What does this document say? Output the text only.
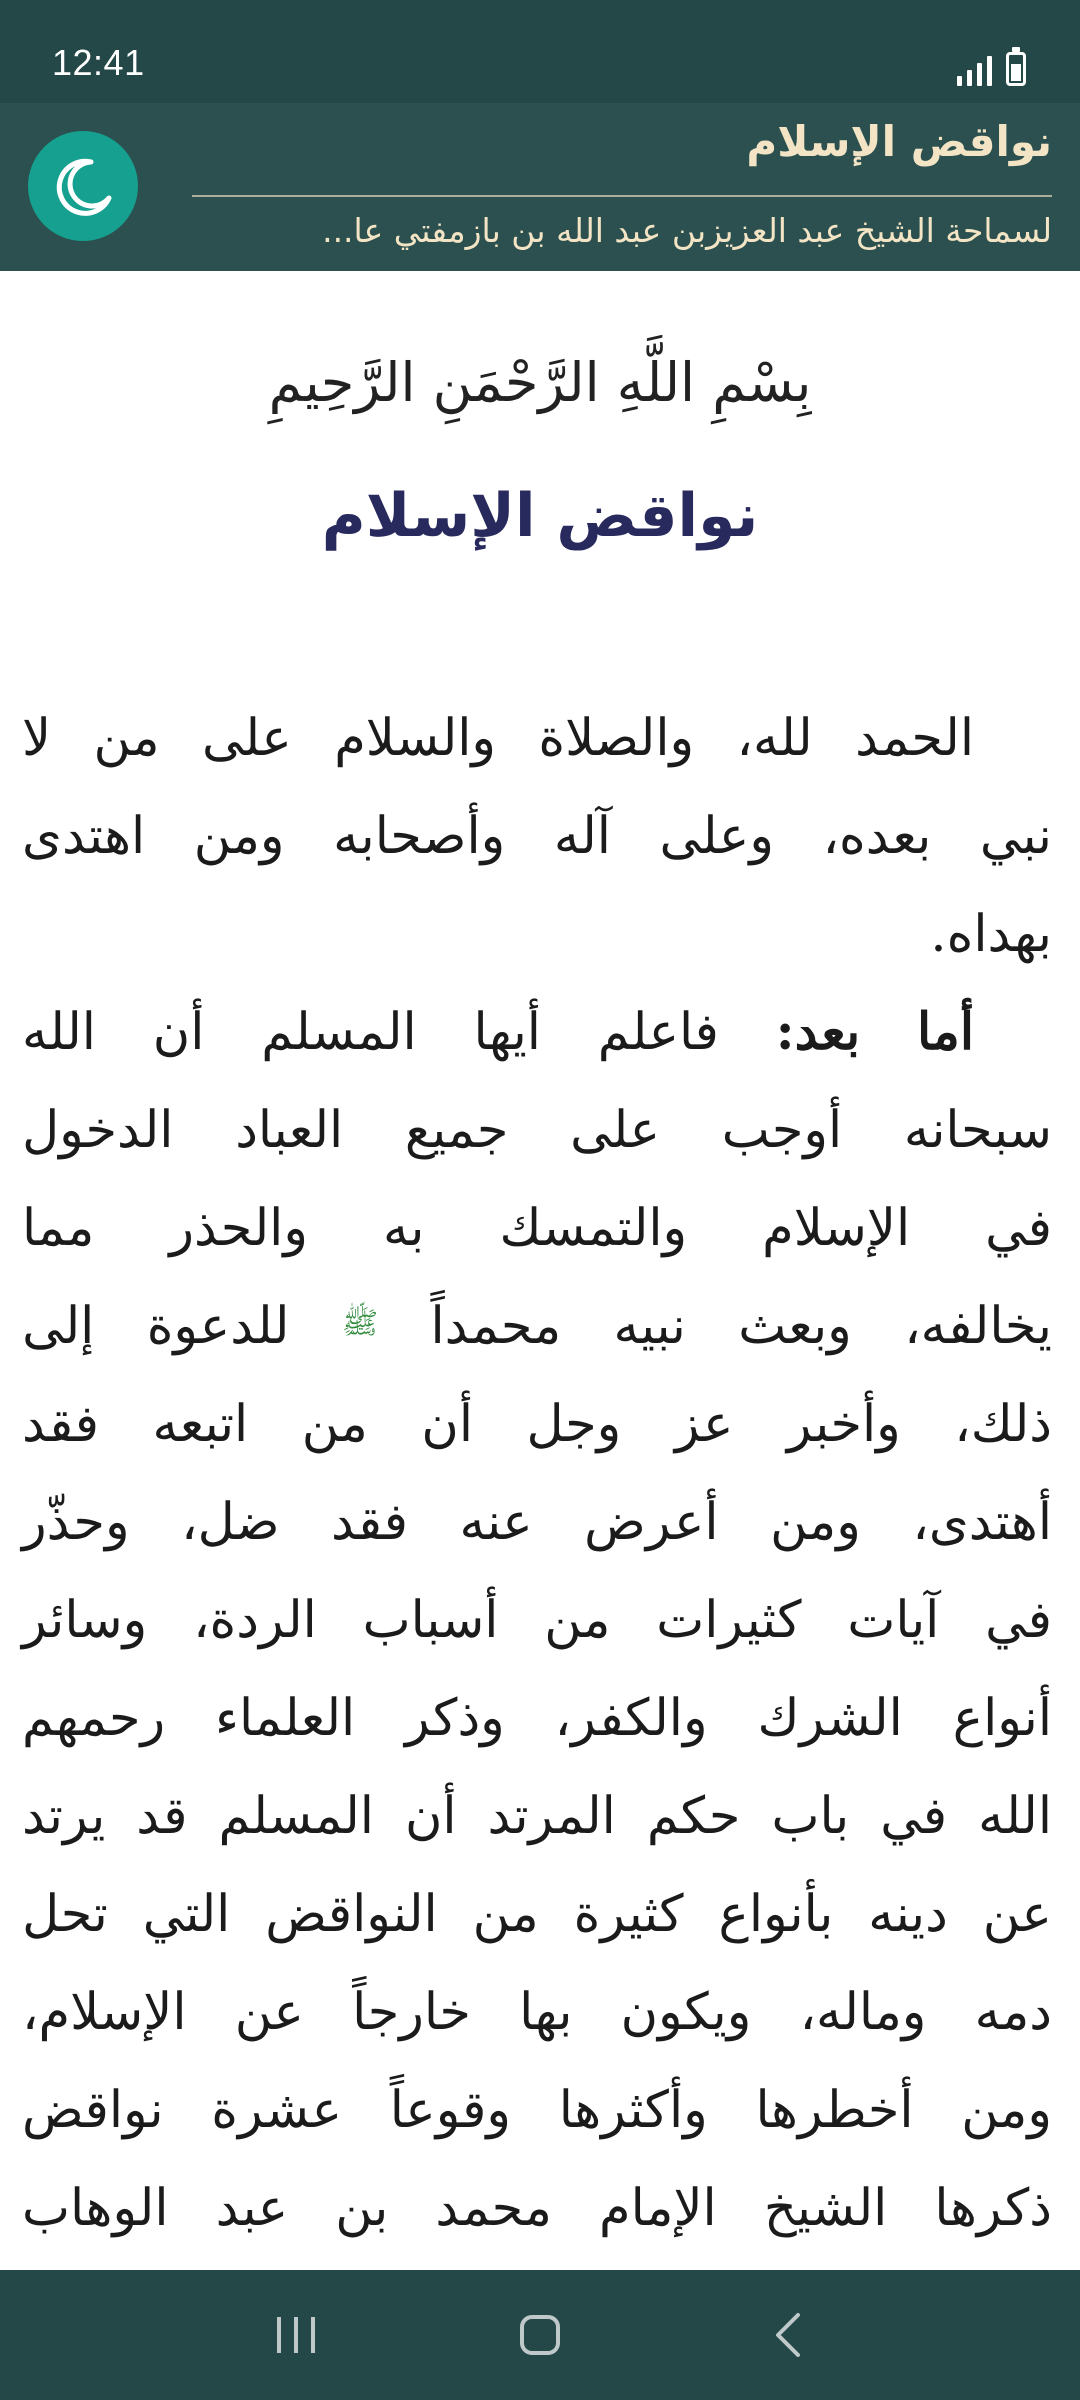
12:41
نواقض الإسلام
لسماحة الشيخ عبد العزيزبن عبد الله بن بازمفتي عا...
بِسْمِ اللَّهِ الرَّحْمَنِ الرَّحِيمِ
نواقض الإسلام
الحمد
لله،
والصلاة
والسلام
على
من
لا
نبي
بعده،
وعلى
آله
وأصحابه
ومن
اهتدى
بهداه.
أما
بعد:
فاعلم
أيها
المسلم
أن
الله
سبحانه
أوجب
على
جميع
العباد
الدخول
في
الإسلام
والتمسك
به
والحذر
مما
يخالفه،
وبعث
نبيه
محمداً
ﷺ
للدعوة
إلى
ذلك،
وأخبر
عز
وجل
أن
من
اتبعه
فقد
أهتدى،
ومن
أعرض
عنه
فقد
ضل،
وحذّر
في
آيات
كثيرات
من
أسباب
الردة،
وسائر
أنواع
الشرك
والكفر،
وذكر
العلماء
رحمهم
الله
في
باب
حكم
المرتد
أن
المسلم
قد
يرتد
عن
دينه
بأنواع
كثيرة
من
النواقض
التي
تحل
دمه
وماله،
ويكون
بها
خارجاً
عن
الإسلام،
ومن
أخطرها
وأكثرها
وقوعاً
عشرة
نواقض
ذكرها
الشيخ
الإمام
محمد
بن
عبد
الوهاب
